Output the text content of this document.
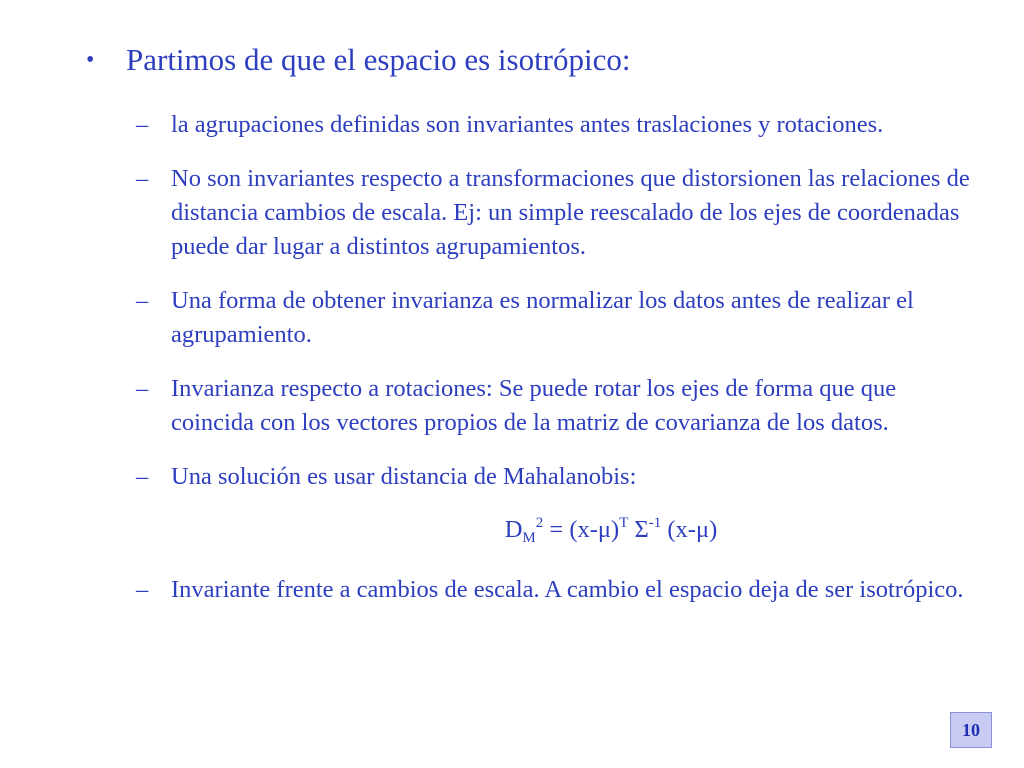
•	Partimos de que el espacio es isotrópico:
– la agrupaciones definidas son invariantes antes traslaciones y rotaciones.
– No son invariantes respecto a transformaciones que distorsionen las relaciones de distancia cambios de escala. Ej: un simple reescalado de los ejes de coordenadas puede dar lugar a distintos agrupamientos.
– Una forma de obtener invarianza es normalizar los datos antes de realizar el agrupamiento.
– Invarianza respecto a rotaciones: Se puede rotar los ejes de forma que que coincida con los vectores propios de la matriz de covarianza de los datos.
– Una solución es usar distancia de Mahalanobis:
$D_M^2 = (x-\mu)^T$ $\Sigma^{-1}$ (x-μ)
– Invariante frente a cambios de escala. A cambio el espacio deja de ser isotrópico.
10
